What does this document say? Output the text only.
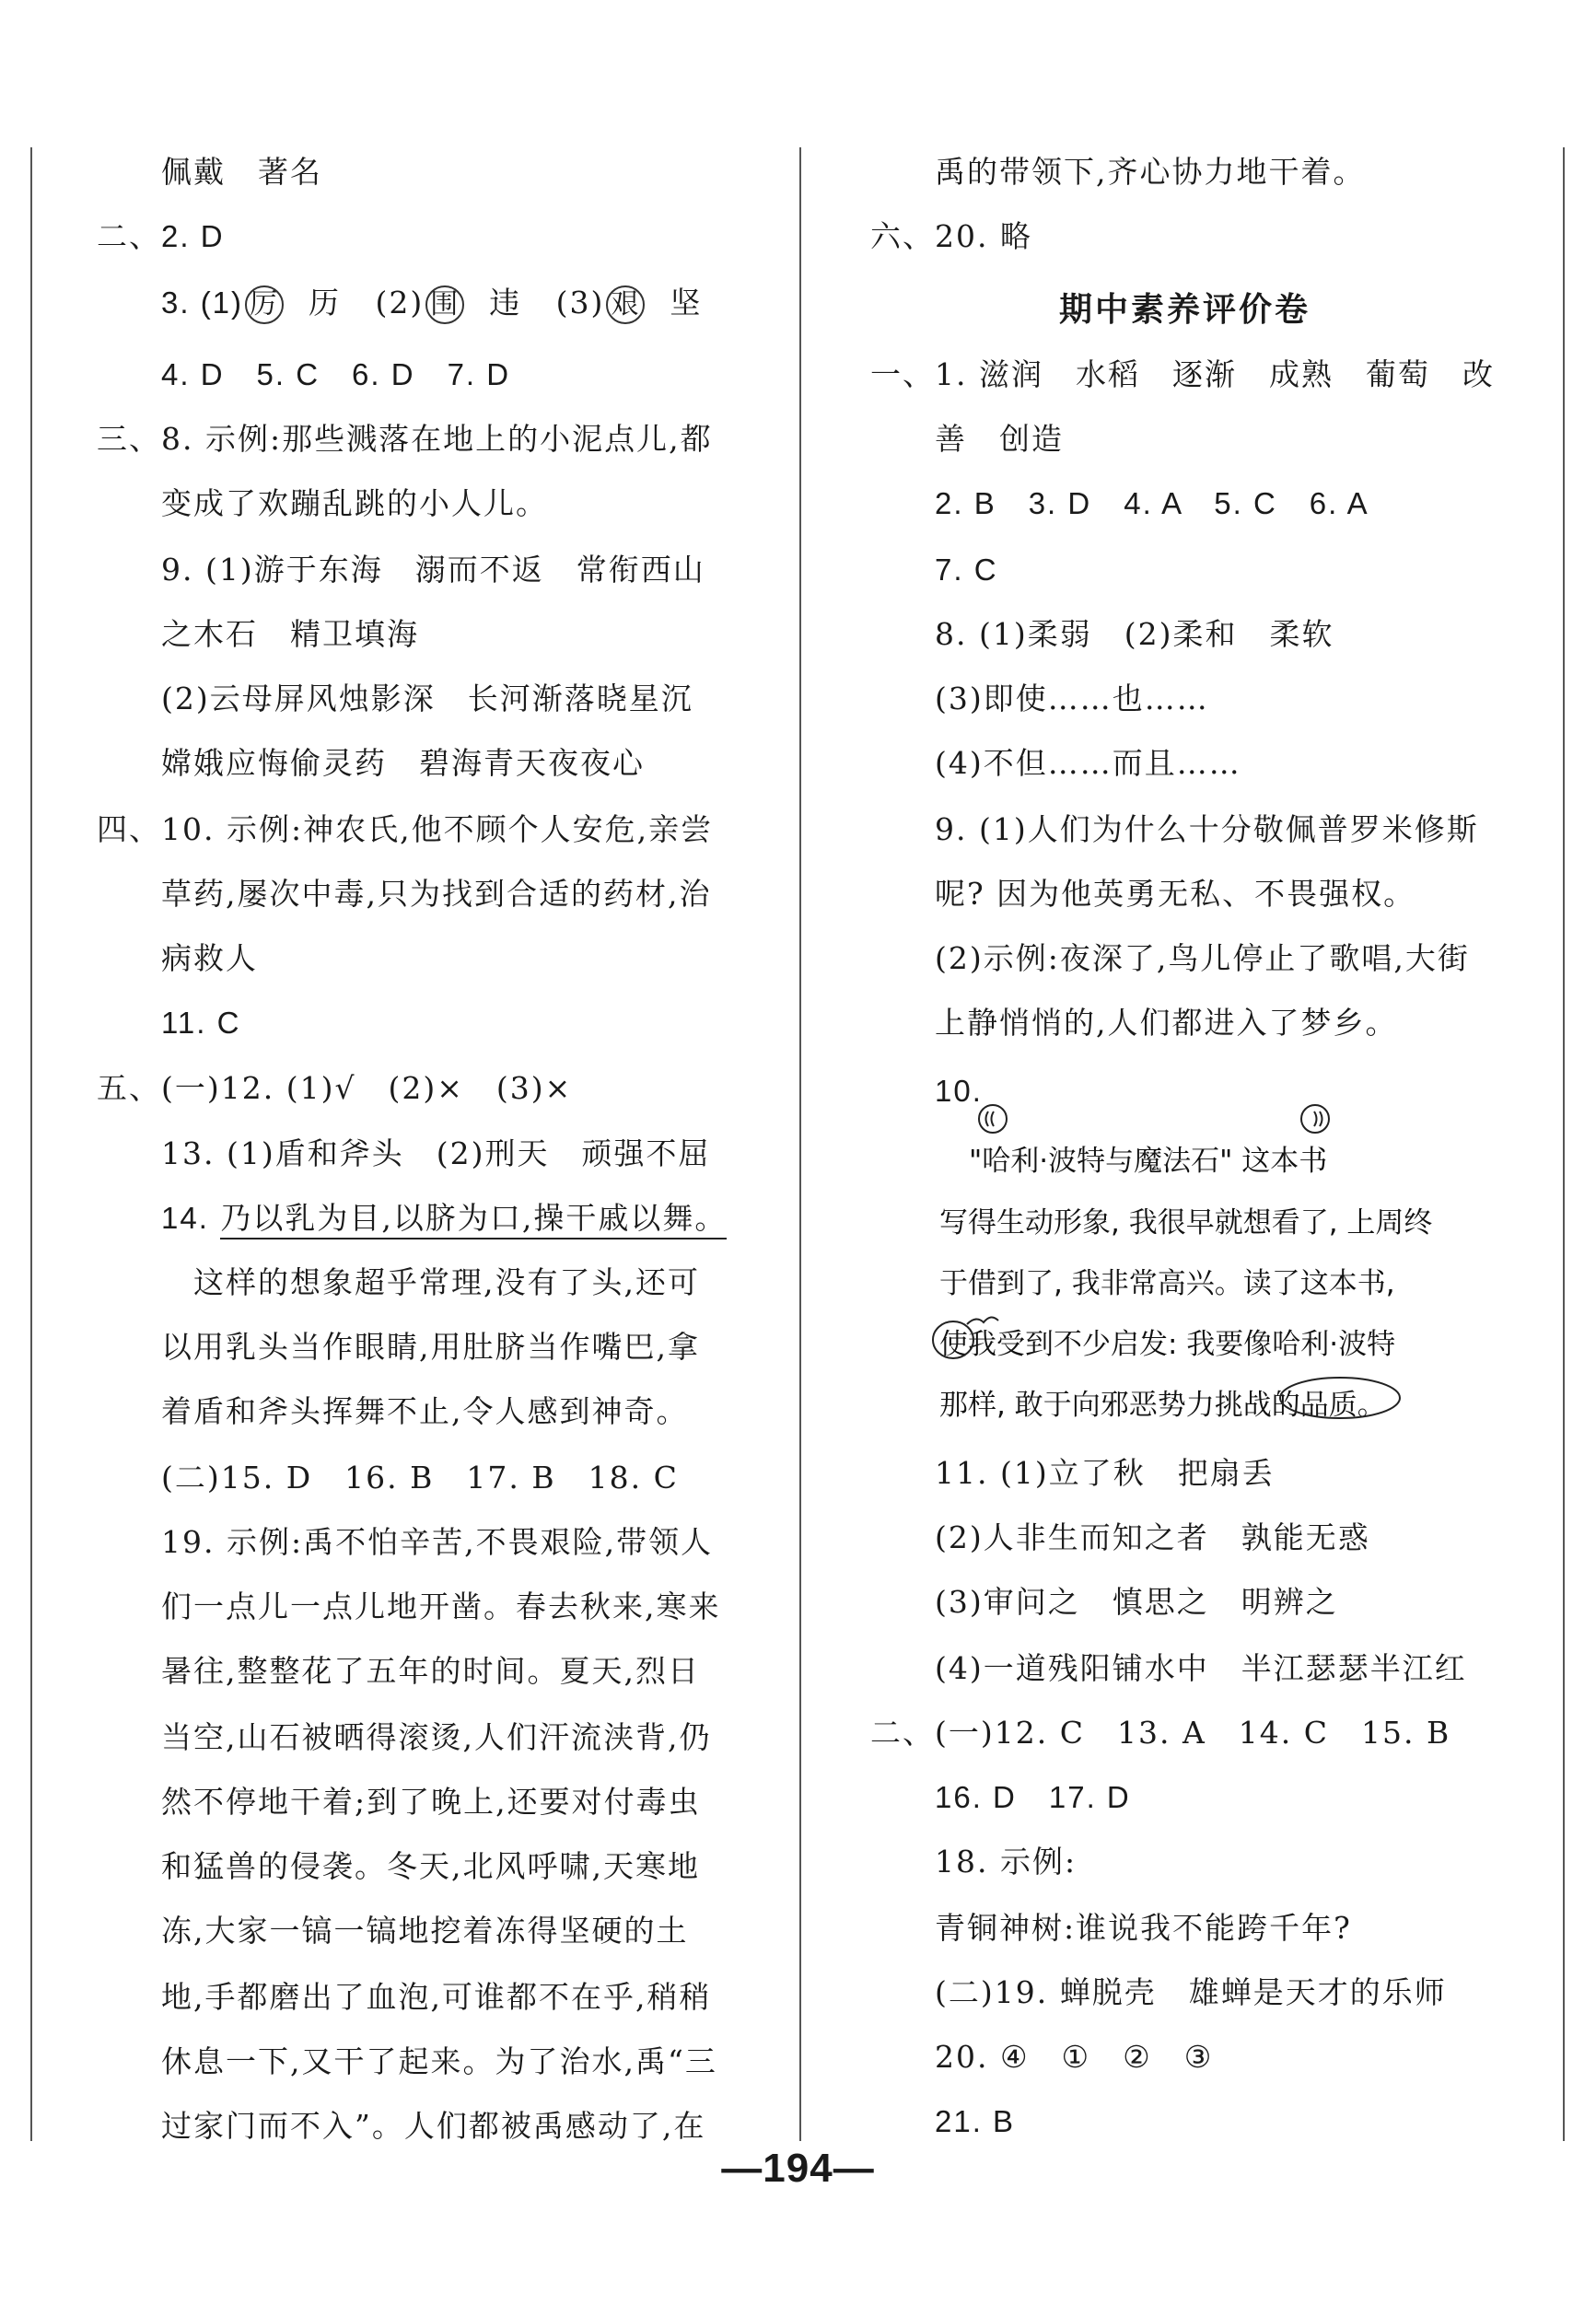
佩戴　著名
二、2. D
3. (1) 厉  历   (2) 围  违   (3) 艰  坚
4. D　5. C　6. D　7. D
三、8. 示例:那些溅落在地上的小泥点儿,都
变成了欢蹦乱跳的小人儿。
9. (1)游于东海　溺而不返　常衔西山
之木石　精卫填海
(2)云母屏风烛影深　长河渐落晓星沉
嫦娥应悔偷灵药　碧海青天夜夜心
四、10. 示例:神农氏,他不顾个人安危,亲尝
草药,屡次中毒,只为找到合适的药材,治
病救人
11. C
五、(一)12. (1)√　(2)×　(3)×
13. (1)盾和斧头　(2)刑天　顽强不屈
14. 乃以乳为目,以脐为口,操干戚以舞。
这样的想象超乎常理,没有了头,还可
以用乳头当作眼睛,用肚脐当作嘴巴,拿
着盾和斧头挥舞不止,令人感到神奇。
(二)15. D　16. B　17. B　18. C
19. 示例:禹不怕辛苦,不畏艰险,带领人
们一点儿一点儿地开凿。春去秋来,寒来
暑往,整整花了五年的时间。夏天,烈日
当空,山石被晒得滚烫,人们汗流浃背,仍
然不停地干着;到了晚上,还要对付毒虫
和猛兽的侵袭。冬天,北风呼啸,天寒地
冻,大家一镐一镐地挖着冻得坚硬的土
地,手都磨出了血泡,可谁都不在乎,稍稍
休息一下,又干了起来。为了治水,禹“三
过家门而不入”。人们都被禹感动了,在
禹的带领下,齐心协力地干着。
六、20. 略
期中素养评价卷
一、1. 滋润　水稻　逐渐　成熟　葡萄　改
善　创造
2. B　3. D　4. A　5. C　6. A
7. C
8. (1)柔弱　(2)柔和　柔软
(3)即使……也……
(4)不但……而且……
9. (1)人们为什么十分敬佩普罗米修斯
呢? 因为他英勇无私、不畏强权。
(2)示例:夜深了,鸟儿停止了歌唱,大街
上静悄悄的,人们都进入了梦乡。
10.
"哈利·波特与魔法石" 这本书
写得生动形象, 我很早就想看了, 上周终
于借到了, 我非常高兴。读了这本书,
使我受到不少启发: 我要像哈利·波特
那样, 敢于向邪恶势力挑战的品质。
11. (1)立了秋　把扇丢
(2)人非生而知之者　孰能无惑
(3)审问之　慎思之　明辨之
(4)一道残阳铺水中　半江瑟瑟半江红
二、(一)12. C　13. A　14. C　15. B
16. D　17. D
18. 示例:
青铜神树:谁说我不能跨千年?
(二)19. 蝉脱壳　雄蝉是天才的乐师
20. ④　①　②　③
21. B
—194—
